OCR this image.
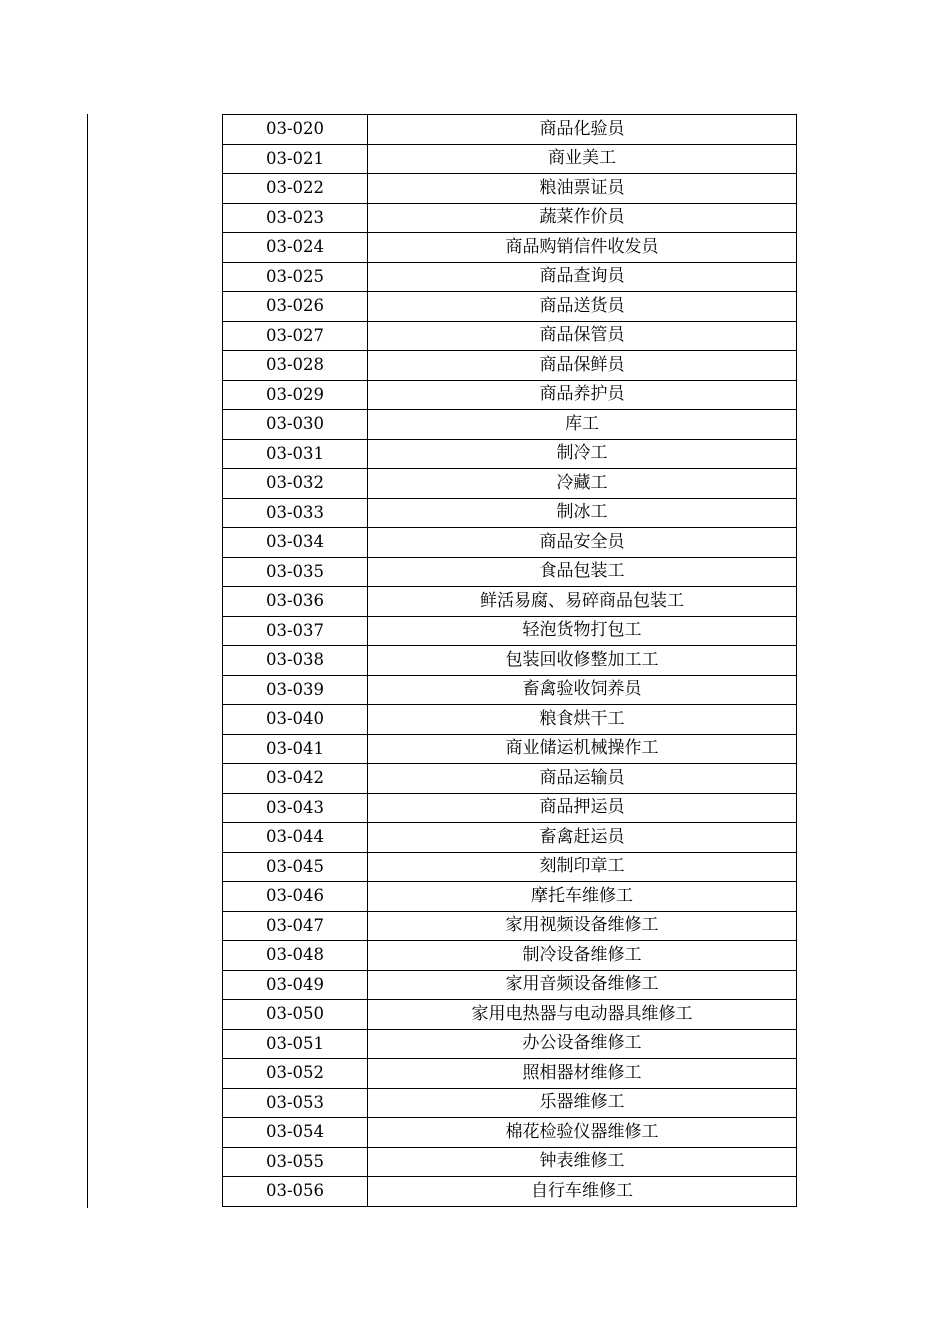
03-020	商品化验员
03-021	商业美工
03-022	粮油票证员
03-023	蔬菜作价员
03-024	商品购销信件收发员
03-025	商品查询员
03-026	商品送货员
03-027	商品保管员
03-028	商品保鲜员
03-029	商品养护员
03-030	库工
03-031	制冷工
03-032	冷藏工
03-033	制冰工
03-034	商品安全员
03-035	食品包装工
03-036	鲜活易腐、易碎商品包装工
03-037	轻泡货物打包工
03-038	包装回收修整加工工
03-039	畜禽验收饲养员
03-040	粮食烘干工
03-041	商业储运机械操作工
03-042	商品运输员
03-043	商品押运员
03-044	畜禽赶运员
03-045	刻制印章工
03-046	摩托车维修工
03-047	家用视频设备维修工
03-048	制冷设备维修工
03-049	家用音频设备维修工
03-050	家用电热器与电动器具维修工
03-051	办公设备维修工
03-052	照相器材维修工
03-053	乐器维修工
03-054	棉花检验仪器维修工
03-055	钟表维修工
03-056	自行车维修工
